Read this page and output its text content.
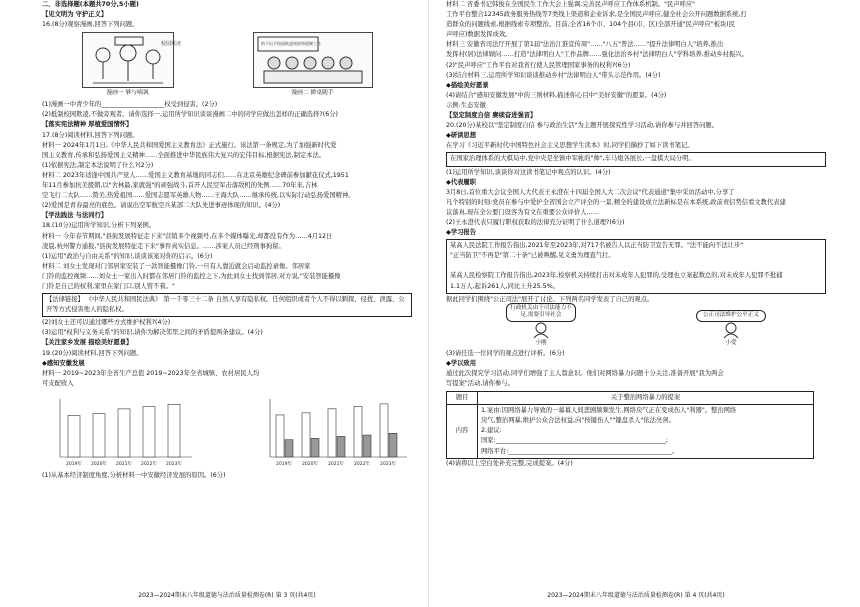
二、非选择题(本题共70分,5小题)
【见文明为 守护正义】
16.(8分)观察漫画,回答下列问题。
校园欺凌
漫画一 够与嘀讽
防不出手校园欺凌预防和遏制工作
漫画二 掀桌随手
(1)漫画一中青少年的____________________权受到侵害。(2分)
(2)抵制校园欺凌,不做旁观者。请你选择一,运用所学知识谈谈漫画二中的同学应做出怎样的正确选择?(6分)
【落实宪法精神 厚植爱国情怀】
17.(8分)阅读材料,回答下列问题。
材料一 2024年1月1日,《中华人民共和国爱国主义教育法》正式施行。该法第一条规定,为了加强新时代爱
国主义教育,传承和弘扬爱国主义精神……全面推进中华民族伟大复兴的宏伟目标,根据宪法,制定本法。
(1)依据宪法,制定本法说明了什么?(2分)
材料二 2023年适逢中国共产党人……爱国主义教育基地的同志们……在北京英雄纪念碑前参加献花仪式,1951
年11月参加抗美援朝,以"舍林最,家就强"的顽强战斗,首开人民空军击落敌机的先例……70年来,吉林
空飞行二大队……赞美,热爱祖国……爱国志愿军英雄人物……王海大队……继承传统,以实际行动弘扬爱国精神。
(2)爱国是青春最亮的底色。请说出空军航空兵某部二大队先进事迹体现的知识。(4分)
【学法践法 与法同行】
18.(10分)运用所学知识,分析下列案例。
材料一 今年春节期间,"县街发展特征走下来"营销多个视频号,在多个媒体曝光,却都没有作为……4月12日
凌晨,杭州警方通报,"县街发展特征走下来"事件真实信息。……涉案人员已经刑事拘留。
(1)运用"政治与自由关系"的知识,谈谈该案对你的启示。(6分)
材料二 刘女士发现对门邻居家安装了一款智能摄像门铃,一旦有人靠近就会启动监控录像。邻居家
门铃的监控视频……刘女士一家出入时都在邻居门铃的监控之下,为此刘女士找到邻居,对方说,"安装智能摄像
门铃是自己的权利,家里在家门口,别人管不着。"
【法律链接】 《中华人民共和国民法典》 第一千零三十二条 自然人享有隐私权。任何组织或者个人不得以刺探、侵扰、泄露、公开等方式侵害他人的隐私权。
(2)刘女士还可以通过哪些方式维护权利?(4分)
(3)运用"权利与义务关系"的知识,请你为解决邻里之间的矛盾提两条建议。(4分)
【关注家乡发展 描绘美好愿景】
19.(20分)阅读材料,回答下列问题。
◆感知安徽发展
材料一 2019~2023年全省生产总值 2019~2023年全省城镇、农村居民人均
可支配收入
2019年 2020年 2021年 2022年 2023年	2019年 2020年 2021年 2022年 2023年
(1)从基本经济制度角度,分析材料一中安徽经济发展的原因。(6分)
2023—2024期末八年级道德与法治质量检测卷(R) 第 3 页(共4页)
材料二 省委书记韩俊在全国民生工作大会上强调,完善民声呼应工作体系机制。"民声呼应"
工作平台整合12345政务服务热线等7类线上渠道和企业诉求,是全国民声呼应,健全社会公开问题数据系统,打
造群众的问题线索,根据线索专项整治。目前,全省16个市、104个县(市、区)全部开通"民声呼应"板块(民
声呼应)数据发挥成效。
材料三 安徽省司法厅开展了第1届"法治江淮宣传周"……"八五"普法……"提升法律明白人"培养,推出
发挥村(居)法律顾问……打造"法律明白人"工作品牌……强化法治乡村"法律明白人"学科培养,推动乡村振兴。
(2)"民声呼应"工作平台对我省行使人民管理国家事务的权利?(6分)
(3)结合材料三,运用所学知识谈谈推动乡村"法律明白人"带头示范作用。(4分)
◆描绘美好愿景
(4)请结合"感知安徽发展"中的三则材料,描述你心目中"美好安徽"的愿景。(4分)
示例:生态安徽
【坚定制度自信 赓续奋进强音】
20.(20分)某校以"坚定制度自信 参与政治生活"为主题开展探究性学习活动,请你参与并回答问题。
◆研读思想
在学习《习近平新时代中国特色社会主义思想学生读本》时,同学们摘抄了如下读书笔记。
在国家治理体系的大棋局中,党中央是坐镇中军帐的"帅",车马炮各展长,一盘棋大局分明。
(1)运用所学知识,谈谈你对这读书笔记中观点的认识。(4分)
◆代表履职
3月8日,首位重大会议全国人大代表王永澄在十四届全国人大二次会议"代表通道"集中采访活动中,分享了
凡个特别的时刻:党员在参与中爱护全省国会立产评全的一景,精全的建设成立法新标是在本系统,政前责信势信看文教代表建
议落真,现在全公要门设客为有文在重要公众评价人……
(2)王永澄代表只履行职权获取的法律充分证明了什么道理?(6分)
◆学习报告
某高人民法院工作报告指出,2021年至2023年,对717名被告人以正当防卫宣告无罪。"法不能向不法让步"
"正当防卫"不再是"第二十条"已被唤醒,见义勇为理直气壮。

某高人民检察院工作报告指出,2023年,检察机关持续打击对未成年人犯罪的,受理也立案起数总的,对未成年人犯罪不批捕
1.1万人,起诉261人,同比上升25.5%。
据此同学们围绕"公正司法"展开了讨论。下列两名同学发表了自己的观点。
行政机关由于司法能力不足,需要引导社会
小刚
公正司法维护公平正义
小爱
(3)请任选一位同学的观点进行评析。(6分)
◆学以致用
通过此次探究学习活动,同学们增强了主人翁意识。他们对网络暴力问题十分关注,准备开展"我为两会
写提案"活动,请你参与。
题目	关于整治网络暴力的提案
内容
1.案由:因网络暴力导致的一幕幕人间悲剧频频发生,网络戾气正在变成伤人"利器"。整治网络
戾气,整治网暴,维护公众合法权益,向"按键伤人""键盘杀人"依法亮剑。
2.建议:
国家:______________________________________________________;
网络平台:____________________________________________________。
(4)请将以上空白处补充完整,完成提案。(4分)
2023—2024期末八年级道德与法治质量检测卷(R) 第 4 页(共4页)
